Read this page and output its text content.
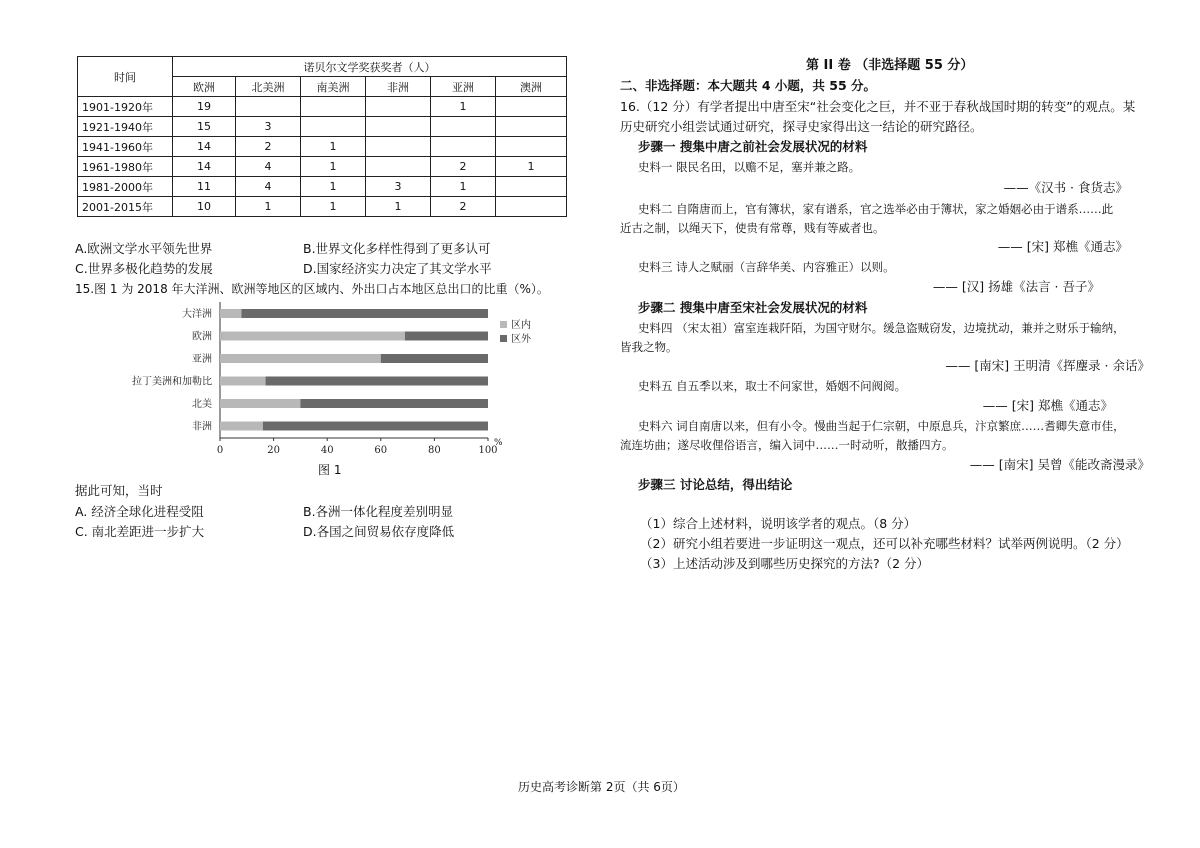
时间	诺贝尔文学奖获奖者（人）					
	欧洲	北美洲	南美洲	非洲	亚洲	澳洲
1901-1920年	19				1	
1921-1940年	15	3				
1941-1960年	14	2	1			
1961-1980年	14	4	1		2	1
1981-2000年	11	4	1	3	1	
2001-2015年	10	1	1	1	2	
A.欧洲文学水平领先世界	B.世界文化多样性得到了更多认可
C.世界多极化趋势的发展	D.国家经济实力决定了其文学水平
15.图 1 为 2018 年大洋洲、欧洲等地区的区域内、外出口占本地区总出口的比重（%）。
大洋洲
欧洲
亚洲
拉丁美洲和加勒比
北美
非洲
0	20	40	60	80	100
%
区内
区外
图 1
据此可知，当时
A. 经济全球化进程受阻	B.各洲一体化程度差别明显
C. 南北差距进一步扩大	D.各国之间贸易依存度降低
第 II 卷 （非选择题 55 分）
二、非选择题：本大题共 4 小题，共 55 分。
16.（12 分）有学者提出中唐至宋“社会变化之巨，并不亚于春秋战国时期的转变”的观点。某
历史研究小组尝试通过研究，探寻史家得出这一结论的研究路径。
步骤一 搜集中唐之前社会发展状况的材料
史料一 限民名田，以赡不足，塞并兼之路。
——《汉书 · 食货志》
史料二 自隋唐而上，官有簿状，家有谱系，官之选举必由于簿状，家之婚姻必由于谱系……此
近古之制，以绳天下，使贵有常尊，贱有等威者也。
—— [宋] 郑樵《通志》
史料三 诗人之赋丽（言辞华美、内容雅正）以则。
—— [汉] 扬雄《法言 · 吾子》
步骤二 搜集中唐至宋社会发展状况的材料
史料四 （宋太祖）富室连栽阡陌，为国守财尔。缓急盗贼窃发，边境扰动，兼并之财乐于输纳，
皆我之物。
—— [南宋] 王明清《挥麈录 · 余话》
史料五 自五季以来，取士不问家世，婚姻不问阀阅。
—— [宋] 郑樵《通志》
史料六 词自南唐以来，但有小令。慢曲当起于仁宗朝，中原息兵，汴京繁庶……耆卿失意市佳，
流连坊曲；遂尽收俚俗语言，编入词中……一时动听，散播四方。
—— [南宋] 吴曾《能改斋漫录》
步骤三 讨论总结，得出结论
（1）综合上述材料，说明该学者的观点。（8 分）
（2）研究小组若要进一步证明这一观点，还可以补充哪些材料？试举两例说明。（2 分）
（3）上述活动涉及到哪些历史探究的方法?（2 分）
历史高考诊断第 2页（共 6页）
